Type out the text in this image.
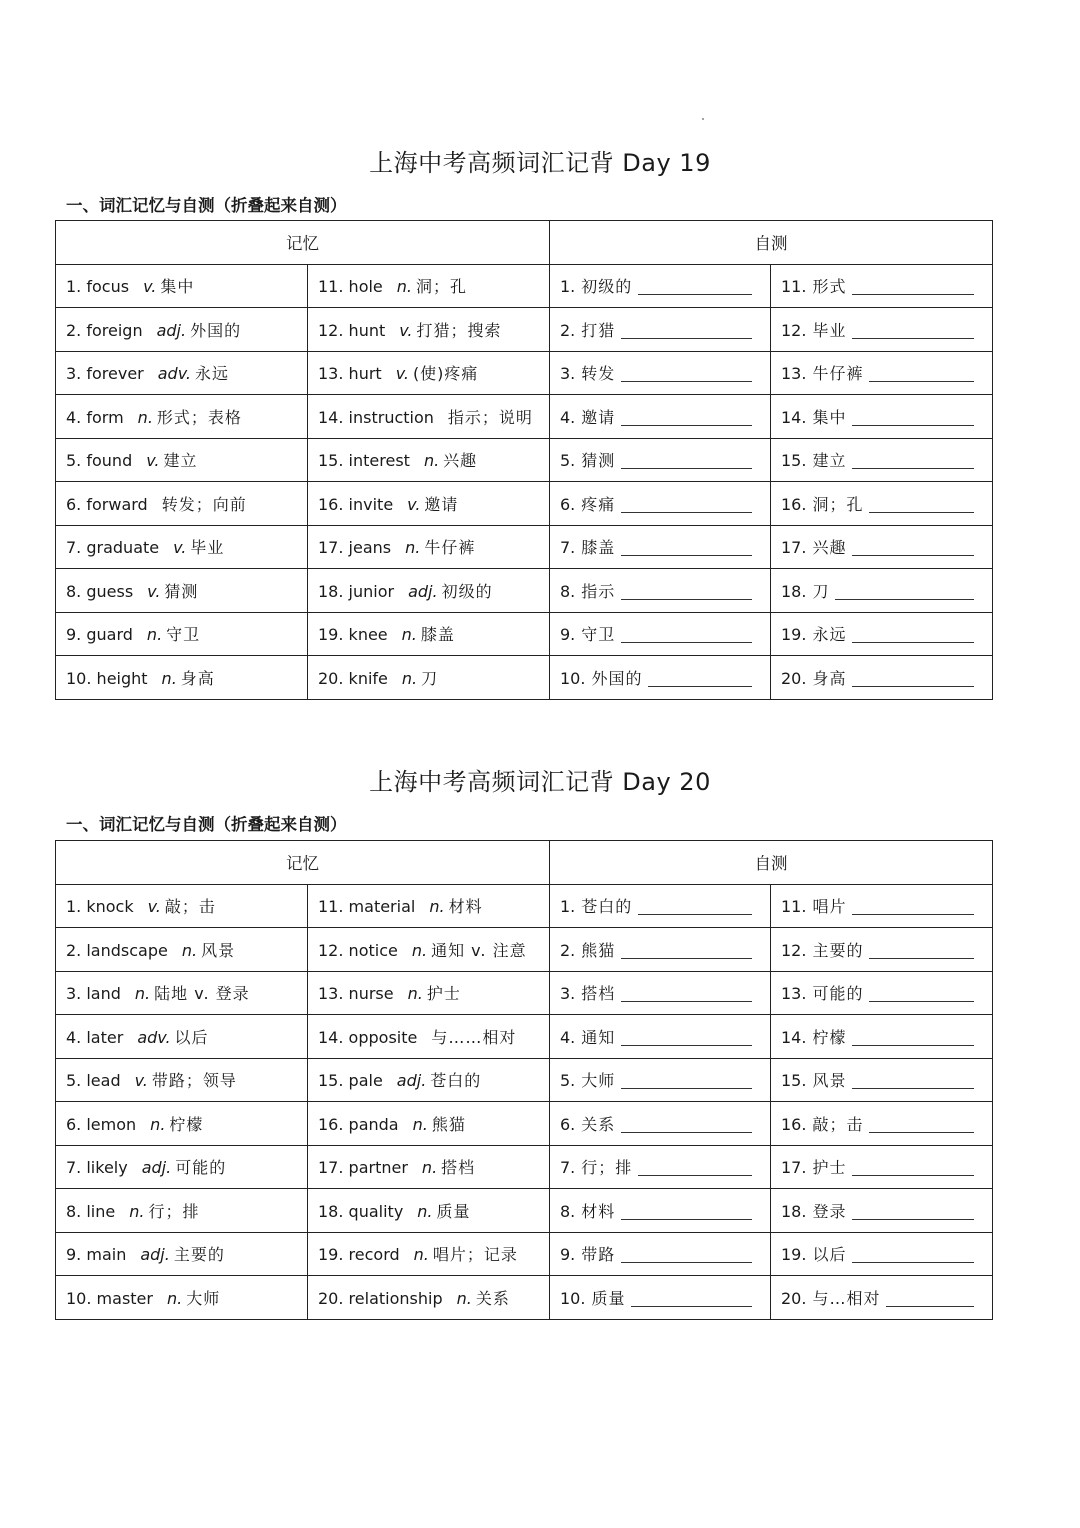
上海中考高频词汇记背 Day 19
一、词汇记忆与自测（折叠起来自测）
记忆		自测	
1. focus v. 集中	11. hole n. 洞；孔	1. 初级的	11. 形式
2. foreign adj. 外国的	12. hunt v. 打猎；搜索	2. 打猎	12. 毕业
3. forever adv. 永远	13. hurt v. (使)疼痛	3. 转发	13. 牛仔裤
4. form n. 形式；表格	14. instruction 指示；说明	4. 邀请	14. 集中
5. found v. 建立	15. interest n. 兴趣	5. 猜测	15. 建立
6. forward 转发；向前	16. invite v. 邀请	6. 疼痛	16. 洞；孔
7. graduate v. 毕业	17. jeans n. 牛仔裤	7. 膝盖	17. 兴趣
8. guess v. 猜测	18. junior adj. 初级的	8. 指示	18. 刀
9. guard n. 守卫	19. knee n. 膝盖	9. 守卫	19. 永远
10. height n. 身高	20. knife n. 刀	10. 外国的	20. 身高
上海中考高频词汇记背 Day 20
一、词汇记忆与自测（折叠起来自测）
记忆		自测	
1. knock v. 敲；击	11. material n. 材料	1. 苍白的	11. 唱片
2. landscape n. 风景	12. notice n. 通知 v. 注意	2. 熊猫	12. 主要的
3. land n. 陆地 v. 登录	13. nurse n. 护士	3. 搭档	13. 可能的
4. later adv. 以后	14. opposite 与……相对	4. 通知	14. 柠檬
5. lead v. 带路；领导	15. pale adj. 苍白的	5. 大师	15. 风景
6. lemon n. 柠檬	16. panda n. 熊猫	6. 关系	16. 敲；击
7. likely adj. 可能的	17. partner n. 搭档	7. 行；排	17. 护士
8. line n. 行；排	18. quality n. 质量	8. 材料	18. 登录
9. main adj. 主要的	19. record n. 唱片；记录	9. 带路	19. 以后
10. master n. 大师	20. relationship n. 关系	10. 质量	20. 与…相对
